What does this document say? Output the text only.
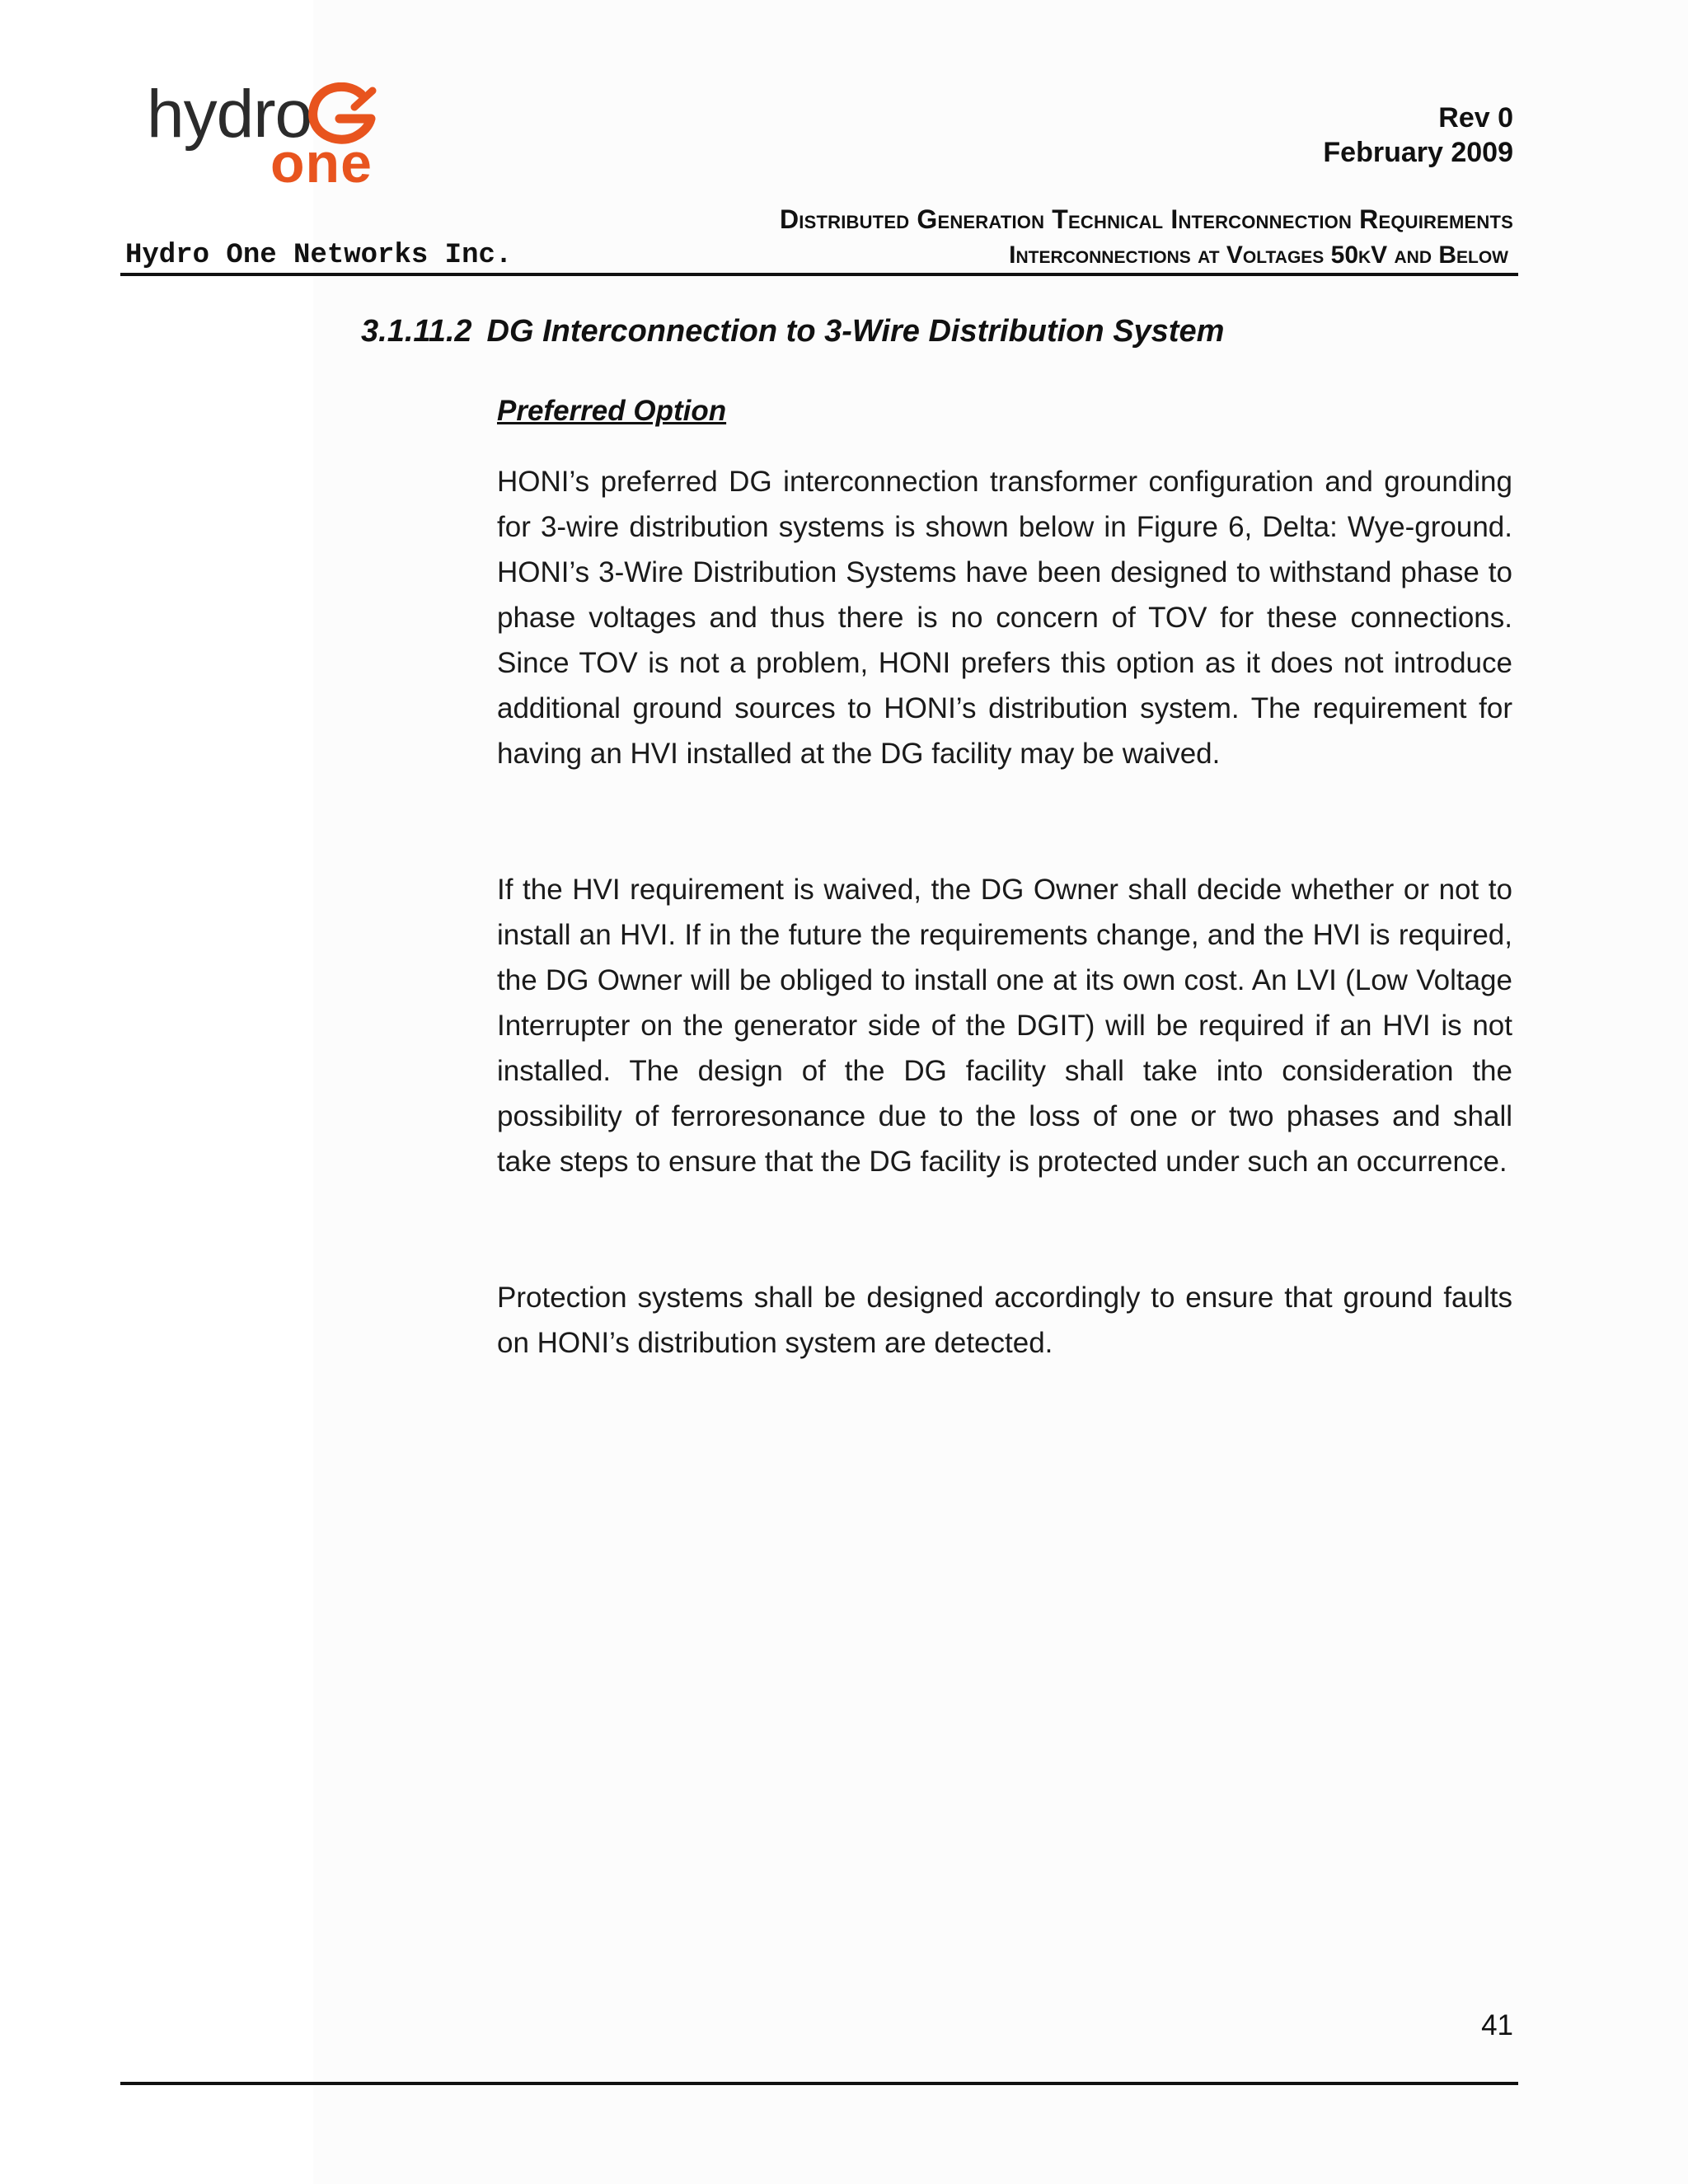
hydro
one
Rev 0
February 2009
Distributed Generation Technical Interconnection Requirements
Hydro One Networks Inc.	Interconnections at Voltages 50kV and Below
3.1.11.2 DG Interconnection to 3-Wire Distribution System
Preferred Option

HONI’s preferred DG interconnection transformer configuration and grounding for 3-wire distribution systems is shown below in Figure 6, Delta: Wye-ground. HONI’s 3-Wire Distribution Systems have been designed to withstand phase to phase voltages and thus there is no concern of TOV for these connections. Since TOV is not a problem, HONI prefers this option as it does not introduce additional ground sources to HONI’s distribution system. The requirement for having an HVI installed at the DG facility may be waived.

If the HVI requirement is waived, the DG Owner shall decide whether or not to install an HVI. If in the future the requirements change, and the HVI is required, the DG Owner will be obliged to install one at its own cost. An LVI (Low Voltage Interrupter on the generator side of the DGIT) will be required if an HVI is not installed. The design of the DG facility shall take into consideration the possibility of ferroresonance due to the loss of one or two phases and shall take steps to ensure that the DG facility is protected under such an occurrence.

Protection systems shall be designed accordingly to ensure that ground faults on HONI’s distribution system are detected.

41
